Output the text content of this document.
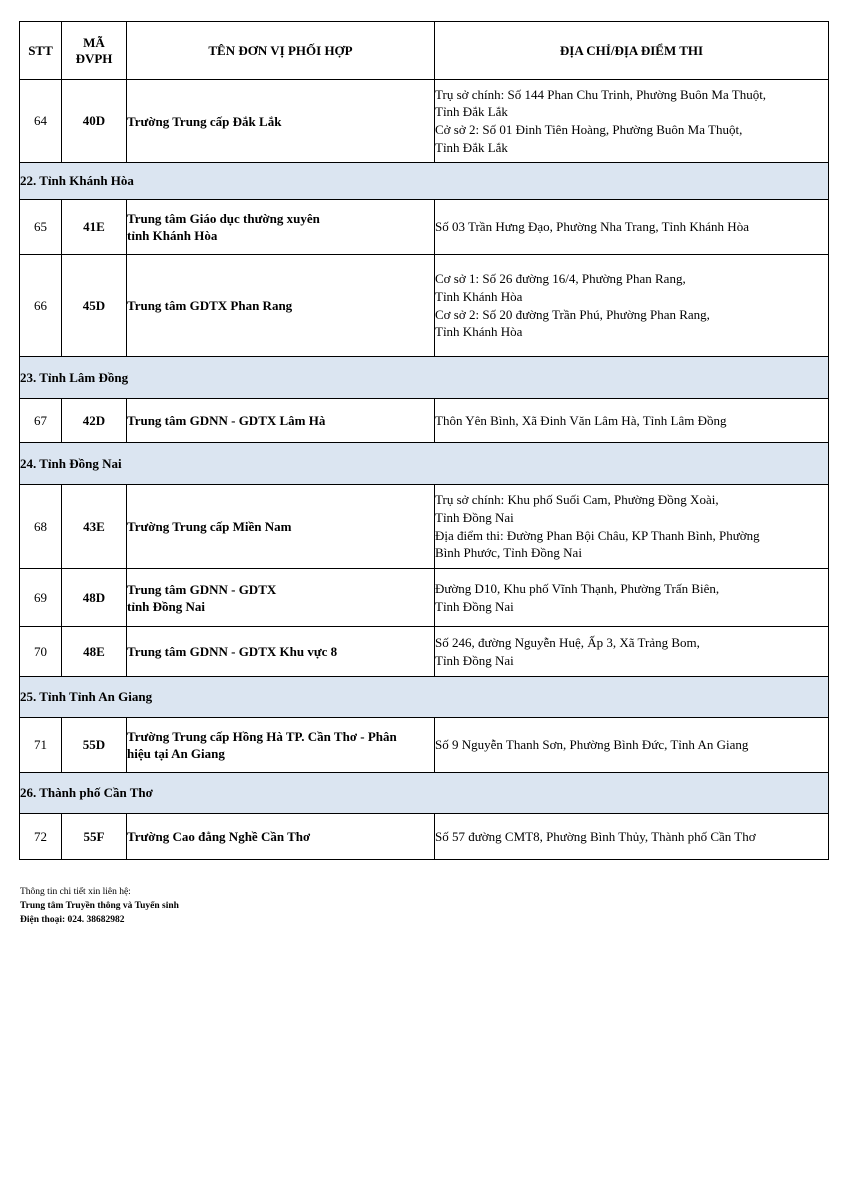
STT	MÃ
ĐVPH	TÊN ĐƠN VỊ PHỐI HỢP	ĐỊA CHỈ/ĐỊA ĐIỂM THI
64	40D	Trường Trung cấp Đắk Lắk	Trụ sở chính: Số 144 Phan Chu Trinh, Phường Buôn Ma Thuột,
Tỉnh Đắk Lắk
Cở sở 2: Số 01 Đinh Tiên Hoàng, Phường Buôn Ma Thuột,
Tỉnh Đắk Lắk

22. Tỉnh Khánh Hòa			
65	41E	Trung tâm Giáo dục thường xuyên
tỉnh Khánh Hòa	Số 03 Trần Hưng Đạo, Phường Nha Trang, Tỉnh Khánh Hòa

66	45D	Trung tâm GDTX Phan Rang	Cơ sở 1: Số 26 đường 16/4, Phường Phan Rang,
Tỉnh Khánh Hòa
Cơ sở 2: Số 20 đường Trần Phú, Phường Phan Rang,
Tỉnh Khánh Hòa

23. Tỉnh Lâm Đồng			
67	42D	Trung tâm GDNN - GDTX Lâm Hà	Thôn Yên Bình, Xã Đinh Văn Lâm Hà, Tỉnh Lâm Đồng

24. Tỉnh Đồng Nai			
68	43E	Trường Trung cấp Miền Nam	Trụ sở chính: Khu phố Suối Cam, Phường Đồng Xoài,
Tỉnh Đồng Nai
Địa điểm thi: Đường Phan Bội Châu, KP Thanh Bình, Phường
Bình Phước, Tỉnh Đồng Nai

69	48D	Trung tâm GDNN - GDTX
tỉnh Đồng Nai	Đường D10, Khu phố Vĩnh Thạnh, Phường Trấn Biên,
Tỉnh Đồng Nai

70	48E	Trung tâm GDNN - GDTX Khu vực 8	Số 246, đường Nguyễn Huệ, Ấp 3, Xã Trảng Bom,
Tỉnh Đồng Nai

25. Tỉnh Tỉnh An Giang			
71	55D	Trường Trung cấp Hồng Hà TP. Cần Thơ - Phân
hiệu tại An Giang	Số 9 Nguyễn Thanh Sơn, Phường Bình Đức, Tỉnh An Giang

26. Thành phố Cần Thơ			
72	55F	Trường Cao đẳng Nghề Cần Thơ	Số 57 đường CMT8, Phường Bình Thủy, Thành phố Cần Thơ
Thông tin chi tiết xin liên hệ:
Trung tâm Truyền thông và Tuyển sinh
Điện thoại: 024. 38682982
